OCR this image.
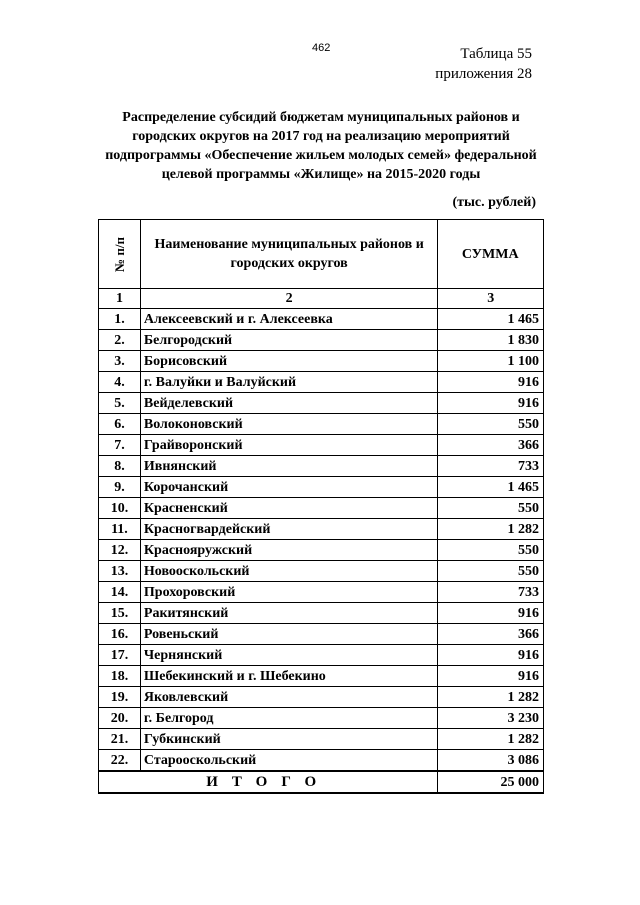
462	Таблица 55
приложения 28
Распределение субсидий бюджетам муниципальных районов и
городских округов на 2017 год на реализацию мероприятий
подпрограммы «Обеспечение жильем молодых семей» федеральной
целевой программы «Жилище» на 2015-2020 годы
(тыс. рублей)
№ п/п	Наименование муниципальных районов и городских округов	СУММА
1	2	3
1.	Алексеевский и г. Алексеевка	1 465
2.	Белгородский	1 830
3.	Борисовский	1 100
4.	г. Валуйки и Валуйский	916
5.	Вейделевский	916
6.	Волоконовский	550
7.	Грайворонский	366
8.	Ивнянский	733
9.	Корочанский	1 465
10.	Красненский	550
11.	Красногвардейский	1 282
12.	Краснояружский	550
13.	Новооскольский	550
14.	Прохоровский	733
15.	Ракитянский	916
16.	Ровеньский	366
17.	Чернянский	916
18.	Шебекинский и г. Шебекино	916
19.	Яковлевский	1 282
20.	г. Белгород	3 230
21.	Губкинский	1 282
22.	Старооскольский	3 086
ИТОГО		25 000
